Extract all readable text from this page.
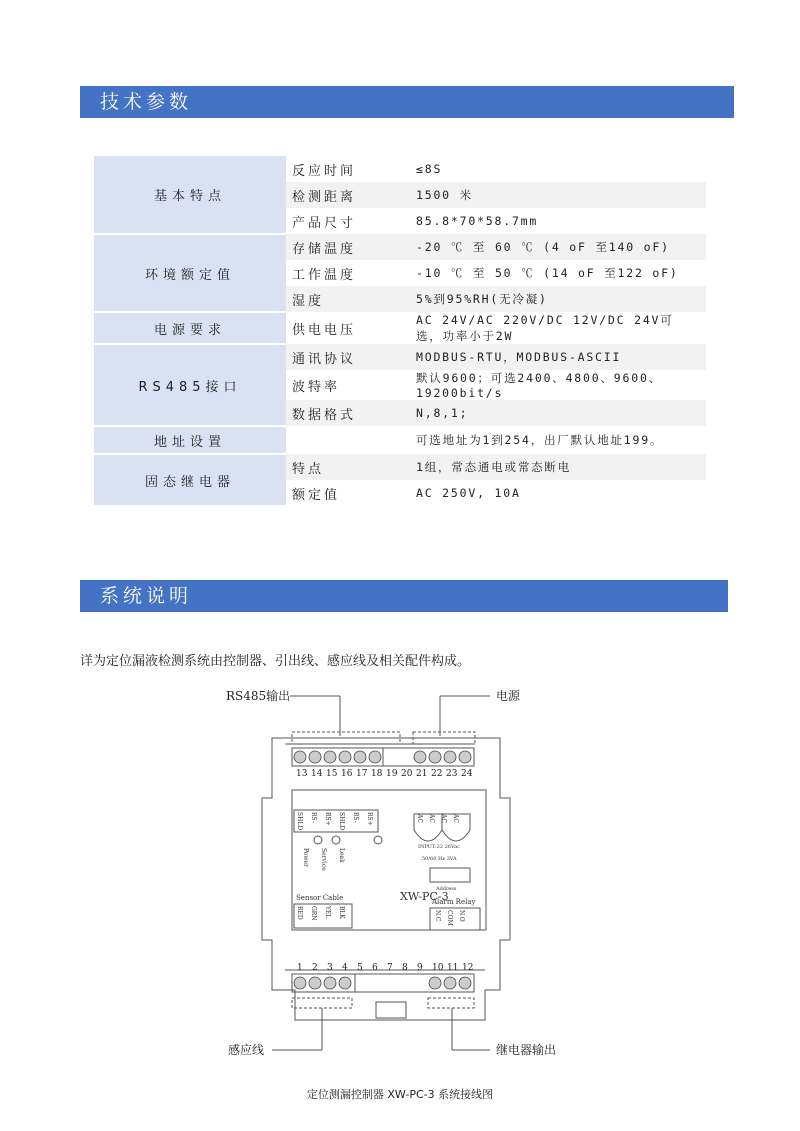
技术参数
基本特点	反应时间	≤8S
	检测距离	1500 米
	产品尺寸	85.8*70*58.7mm
环境额定值	存储温度	-20 ℃ 至 60 ℃ (4 oF 至140 oF)
	工作温度	-10 ℃ 至 50 ℃ (14 oF 至122 oF)
	湿度	5%到95%RH(无冷凝)
电源要求	供电电压	AC 24V/AC 220V/DC 12V/DC 24V可选，功率小于2W
RS485接口	通讯协议	MODBUS-RTU，MODBUS-ASCII
	波特率	默认9600；可选2400、4800、9600、19200bit/s
	数据格式	N,8,1;
地址设置		可选地址为1到254，出厂默认地址199。
固态继电器	特点	1组，常态通电或常态断电
	额定值	AC 250V, 10A
系统说明
详为定位漏液检测系统由控制器、引出线、感应线及相关配件构成。
13
1
14
2
15
3
16
4
17
5
18
6
19
7
20
8
21
9
22
10
23
11
24
12
RS485输出	电源
感应线	继电器输出
XW-PC-3
Sensor Cable	Alarm Relay
INPUT:22 26Vac
50/60 Hz 3VA
Address
SHLD RS- RS+ SHLD RS- RS+	AC AC AC AC
RED GRN YEL BLK	N.C COM N.O
Power Service Leak
定位测漏控制器 XW-PC-3 系统接线图
